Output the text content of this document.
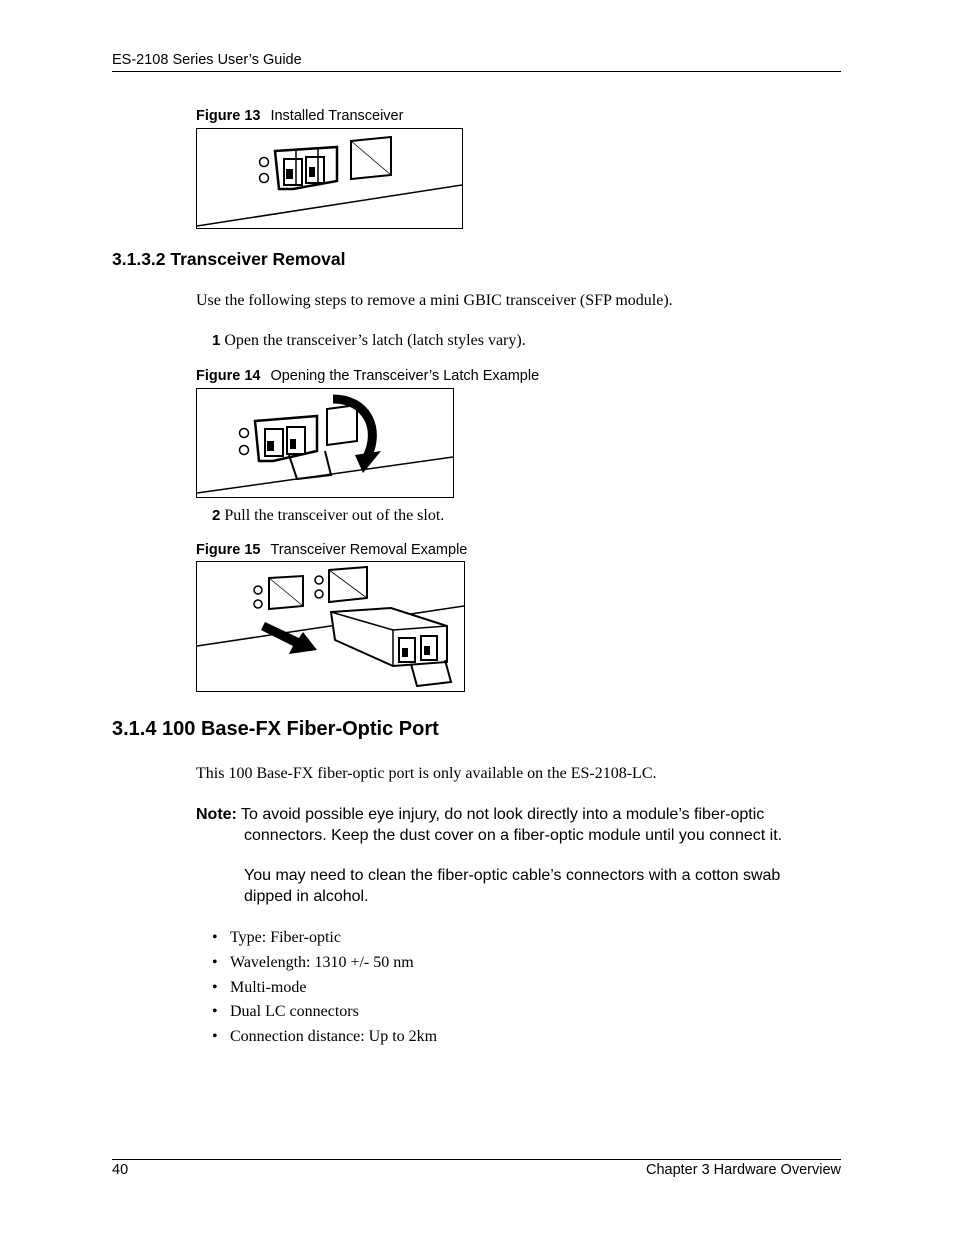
ES-2108 Series User’s Guide
Figure 13 Installed Transceiver
3.1.3.2 Transceiver Removal
Use the following steps to remove a mini GBIC transceiver (SFP module).
1 Open the transceiver’s latch (latch styles vary).
Figure 14 Opening the Transceiver’s Latch Example
2 Pull the transceiver out of the slot.
Figure 15 Transceiver Removal Example
3.1.4 100 Base-FX Fiber-Optic Port
This 100 Base-FX fiber-optic port is only available on the ES-2108-LC.
Note: To avoid possible eye injury, do not look directly into a module’s fiber-optic
connectors. Keep the dust cover on a fiber-optic module until you connect it.
You may need to clean the fiber-optic cable’s connectors with a cotton swab
dipped in alcohol.
• Type: Fiber-optic
• Wavelength: 1310 +/- 50 nm
• Multi-mode
• Dual LC connectors
• Connection distance: Up to 2km
40	Chapter 3 Hardware Overview
